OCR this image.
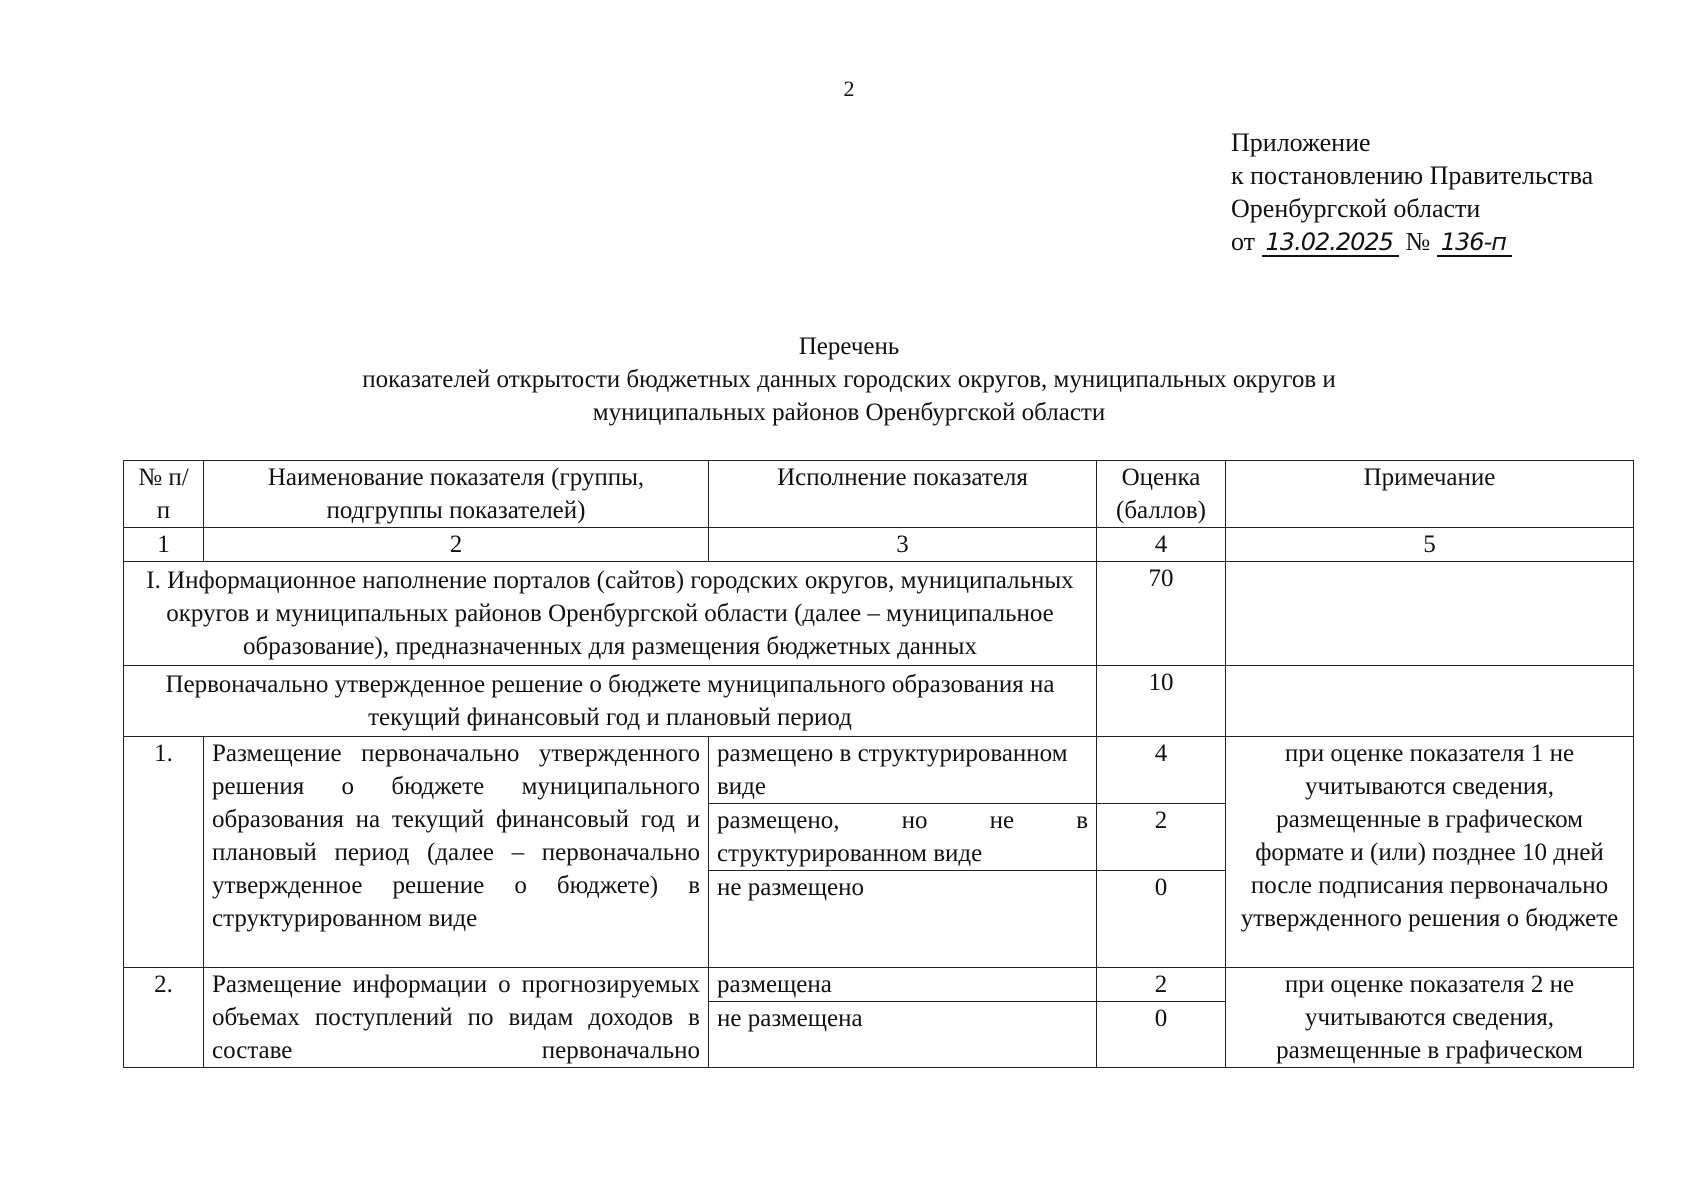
2
Приложение
к постановлению Правительства
Оренбургской области
от 13.02.2025 № 136-п
Перечень
показателей открытости бюджетных данных городских округов, муниципальных округов и
муниципальных районов Оренбургской области
№ п/п	Наименование показателя (группы, подгруппы показателей)	Исполнение показателя	Оценка (баллов)	Примечание
1	2	3	4	5
I. Информационное наполнение порталов (сайтов) городских округов, муниципальных округов и муниципальных районов Оренбургской области (далее – муниципальное образование), предназначенных для размещения бюджетных данных			70	
Первоначально утвержденное решение о бюджете муниципального образования на текущий финансовый год и плановый период			10	
1.	Размещение первоначально утвержденного решения о бюджете муниципального образования на текущий финансовый год и плановый период (далее – первоначально утвержденное решение о бюджете) в структурированном виде	размещено в структурированном виде	4	при оценке показателя 1 не учитываются сведения, размещенные в графическом формате и (или) позднее 10 дней после подписания первоначально утвержденного решения о бюджете
		размещено, но не в структурированном виде	2	
		не размещено	0	
2.	Размещение информации о прогнозируемых объемах поступлений по видам доходов в составе первоначально	размещена	2	при оценке показателя 2 не учитываются сведения, размещенные в графическом
		не размещена	0	
